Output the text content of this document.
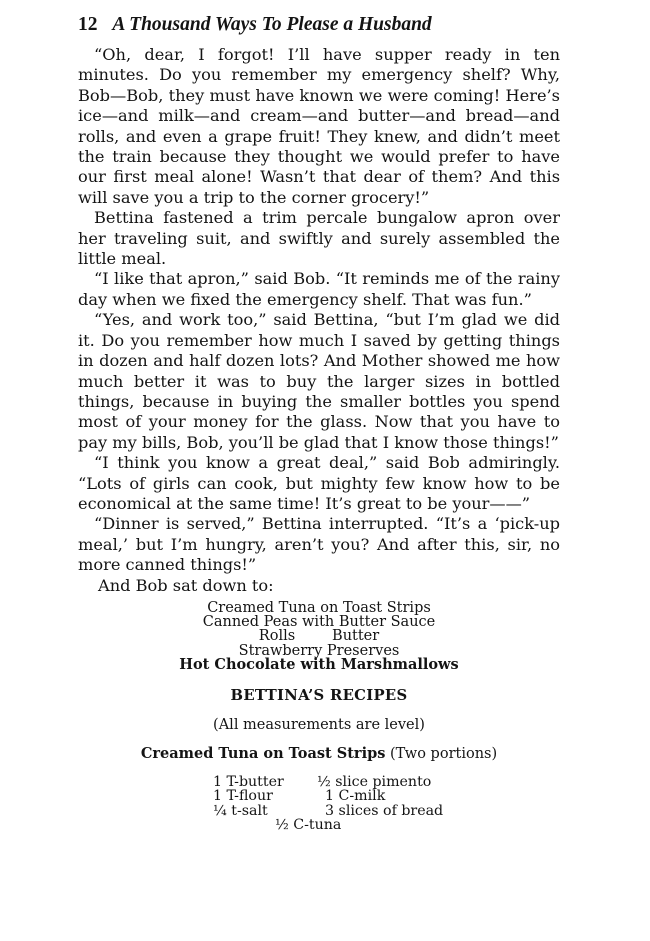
12 A Thousand Ways To Please a Husband

“Oh, dear, I forgot! I’ll have supper ready in ten minutes. Do you remember my emergency shelf? Why, Bob—Bob, they must have known we were coming! Here’s ice—and milk—and cream—and butter—and bread—and rolls, and even a grape fruit! They knew, and didn’t meet the train because they thought we would prefer to have our first meal alone! Wasn’t that dear of them? And this will save you a trip to the corner grocery!”

Bettina fastened a trim percale bungalow apron over her traveling suit, and swiftly and surely assembled the little meal.

“I like that apron,” said Bob. “It reminds me of the rainy day when we fixed the emergency shelf. That was fun.”

“Yes, and work too,” said Bettina, “but I’m glad we did it. Do you remember how much I saved by getting things in dozen and half dozen lots? And Mother showed me how much better it was to buy the larger sizes in bottled things, because in buying the smaller bottles you spend most of your money for the glass. Now that you have to pay my bills, Bob, you’ll be glad that I know those things!”

“I think you know a great deal,” said Bob admiringly. “Lots of girls can cook, but mighty few know how to be economical at the same time! It’s great to be your——”

“Dinner is served,” Bettina interrupted. “It’s a ‘pick-up meal,’ but I’m hungry, aren’t you? And after this, sir, no more canned things!”

And Bob sat down to:

Creamed Tuna on Toast Strips
Canned Peas with Butter Sauce
Rolls        Butter
Strawberry Preserves
Hot Chocolate with Marshmallows
BETTINA’S RECIPES
(All measurements are level)
Creamed Tuna on Toast Strips (Two portions)
1 T-butter	½ slice pimento
1 T-flour	1 C-milk
¼ t-salt	3 slices of bread
½ C-tuna
